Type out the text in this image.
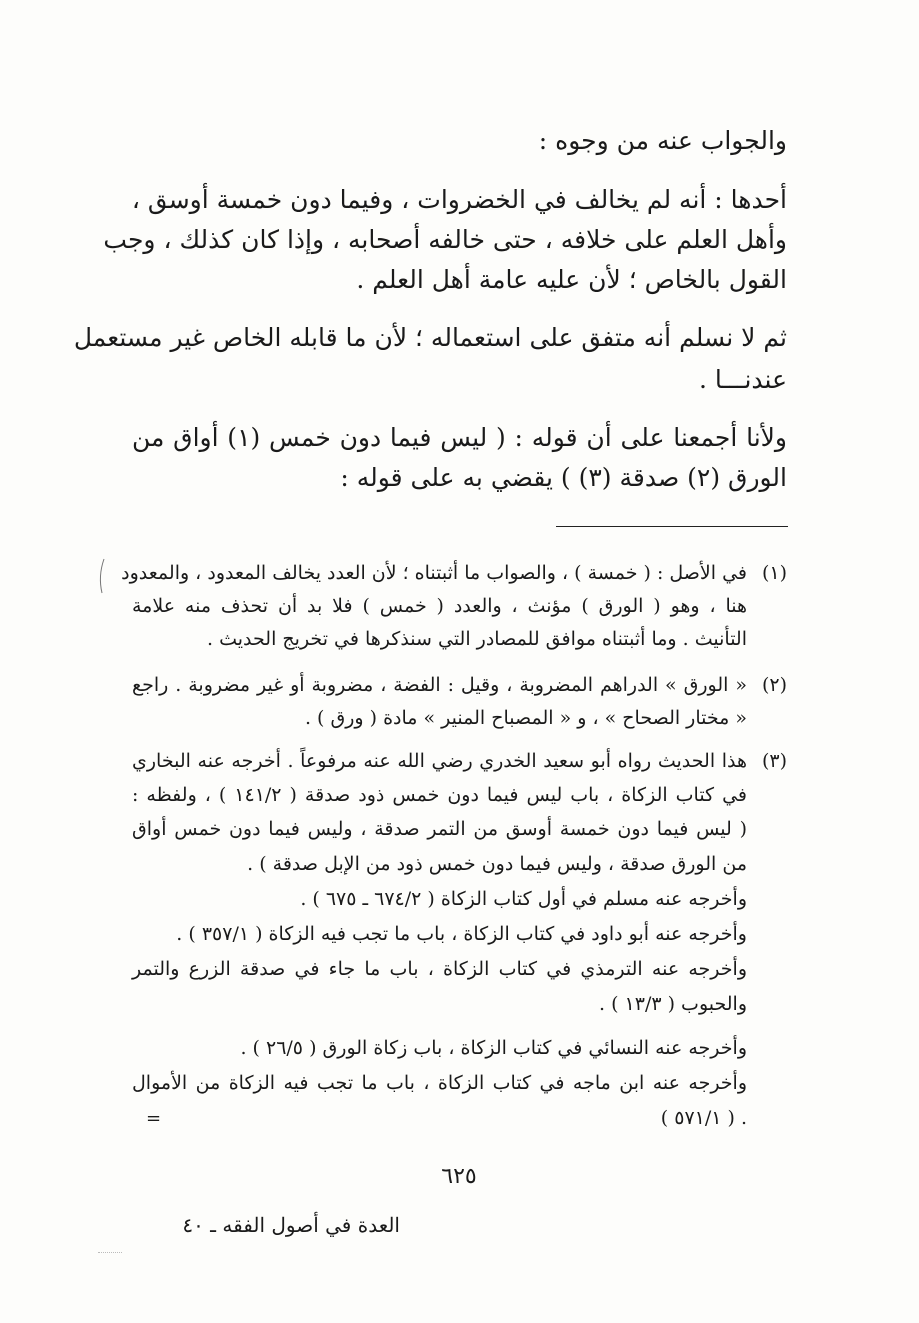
والجواب عنه من وجوه :
أحدها : أنه لم يخالف في الخضروات ، وفيما دون خمسة أوسق ،
وأهل العلم على خلافه ، حتى خالفه أصحابه ، وإذا كان كذلك ، وجب
القول بالخاص ؛ لأن عليه عامة أهل العلم .
ثم لا نسلم أنه متفق على استعماله ؛ لأن ما قابله الخاص غير مستعمل
عندنـــا .
ولأنا أجمعنا على أن قوله : ( ليس فيما دون خمس (١) أواق من
الورق (٢) صدقة (٣) ) يقضي به على قوله :
(١)
في الأصل : ( خمسة ) ، والصواب ما أثبتناه ؛ لأن العدد يخالف المعدود ، والمعدود
هنا ، وهو ( الورق ) مؤنث ، والعدد ( خمس ) فلا بد أن تحذف منه علامة
التأنيث . وما أثبتناه موافق للمصادر التي سنذكرها في تخريج الحديث .
(٢)
« الورق » الدراهم المضروبة ، وقيل : الفضة ، مضروبة أو غير مضروبة . راجع
« مختار الصحاح » ، و « المصباح المنير » مادة ( ورق ) .
(٣)
هذا الحديث رواه أبو سعيد الخدري رضي الله عنه مرفوعاً . أخرجه عنه البخاري
في كتاب الزكاة ، باب ليس فيما دون خمس ذود صدقة ( ١٤١/٢ ) ، ولفظه :
( ليس فيما دون خمسة أوسق من التمر صدقة ، وليس فيما دون خمس أواق
من الورق صدقة ، وليس فيما دون خمس ذود من الإبل صدقة ) .
وأخرجه عنه مسلم في أول كتاب الزكاة ( ٦٧٤/٢ ـ ٦٧٥ ) .
وأخرجه عنه أبو داود في كتاب الزكاة ، باب ما تجب فيه الزكاة ( ٣٥٧/١ ) .
وأخرجه عنه الترمذي في كتاب الزكاة ، باب ما جاء في صدقة الزرع والتمر
والحبوب ( ١٣/٣ ) .
وأخرجه عنه النسائي في كتاب الزكاة ، باب زكاة الورق ( ٢٦/٥ ) .
وأخرجه عنه ابن ماجه في كتاب الزكاة ، باب ما تجب فيه الزكاة من الأموال
( ٥٧١/١ ) .
=
٦٢٥
العدة في أصول الفقه ـ ٤٠
